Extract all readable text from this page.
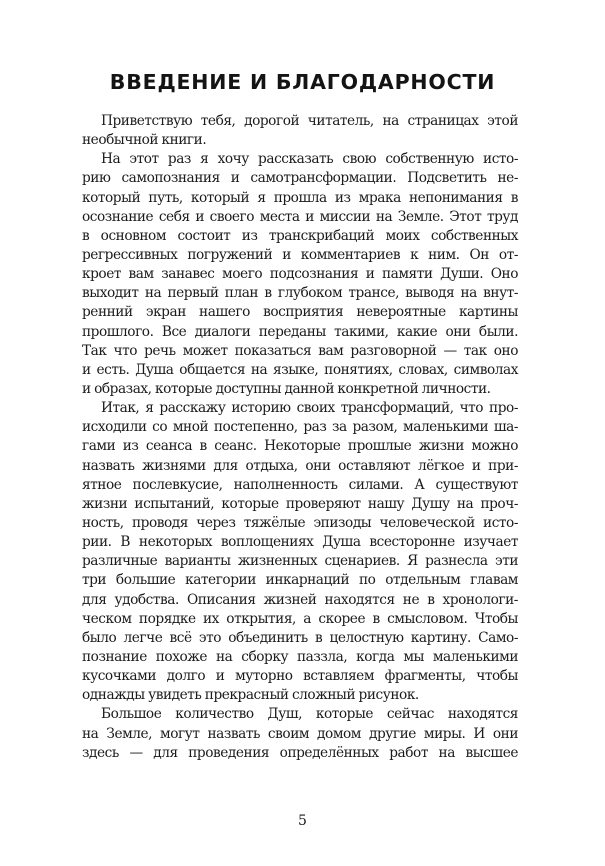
ВВЕДЕНИЕ И БЛАГОДАРНОСТИ
Приветствую тебя, дорогой читатель, на страницах этой
необычной книги.
На этот раз я хочу рассказать свою собственную исто-
рию самопознания и самотрансформации. Подсветить не-
который путь, который я прошла из мрака непонимания в
осознание себя и своего места и миссии на Земле. Этот труд
в основном состоит из транскрибаций моих собственных
регрессивных погружений и комментариев к ним. Он от-
кроет вам занавес моего подсознания и памяти Души. Оно
выходит на первый план в глубоком трансе, выводя на внут-
ренний экран нашего восприятия невероятные картины
прошлого. Все диалоги переданы такими, какие они были.
Так что речь может показаться вам разговорной — так оно
и есть. Душа общается на языке, понятиях, словах, символах
и образах, которые доступны данной конкретной личности.
Итак, я расскажу историю своих трансформаций, что про-
исходили со мной постепенно, раз за разом, маленькими ша-
гами из сеанса в сеанс. Некоторые прошлые жизни можно
назвать жизнями для отдыха, они оставляют лёгкое и при-
ятное послевкусие, наполненность силами. А существуют
жизни испытаний, которые проверяют нашу Душу на проч-
ность, проводя через тяжёлые эпизоды человеческой исто-
рии. В некоторых воплощениях Душа всесторонне изучает
различные варианты жизненных сценариев. Я разнесла эти
три большие категории инкарнаций по отдельным главам
для удобства. Описания жизней находятся не в хронологи-
ческом порядке их открытия, а скорее в смысловом. Чтобы
было легче всё это объединить в целостную картину. Само-
познание похоже на сборку паззла, когда мы маленькими
кусочками долго и муторно вставляем фрагменты, чтобы
однажды увидеть прекрасный сложный рисунок.
Большое количество Душ, которые сейчас находятся
на Земле, могут назвать своим домом другие миры. И они
здесь — для проведения определённых работ на высшее
5
